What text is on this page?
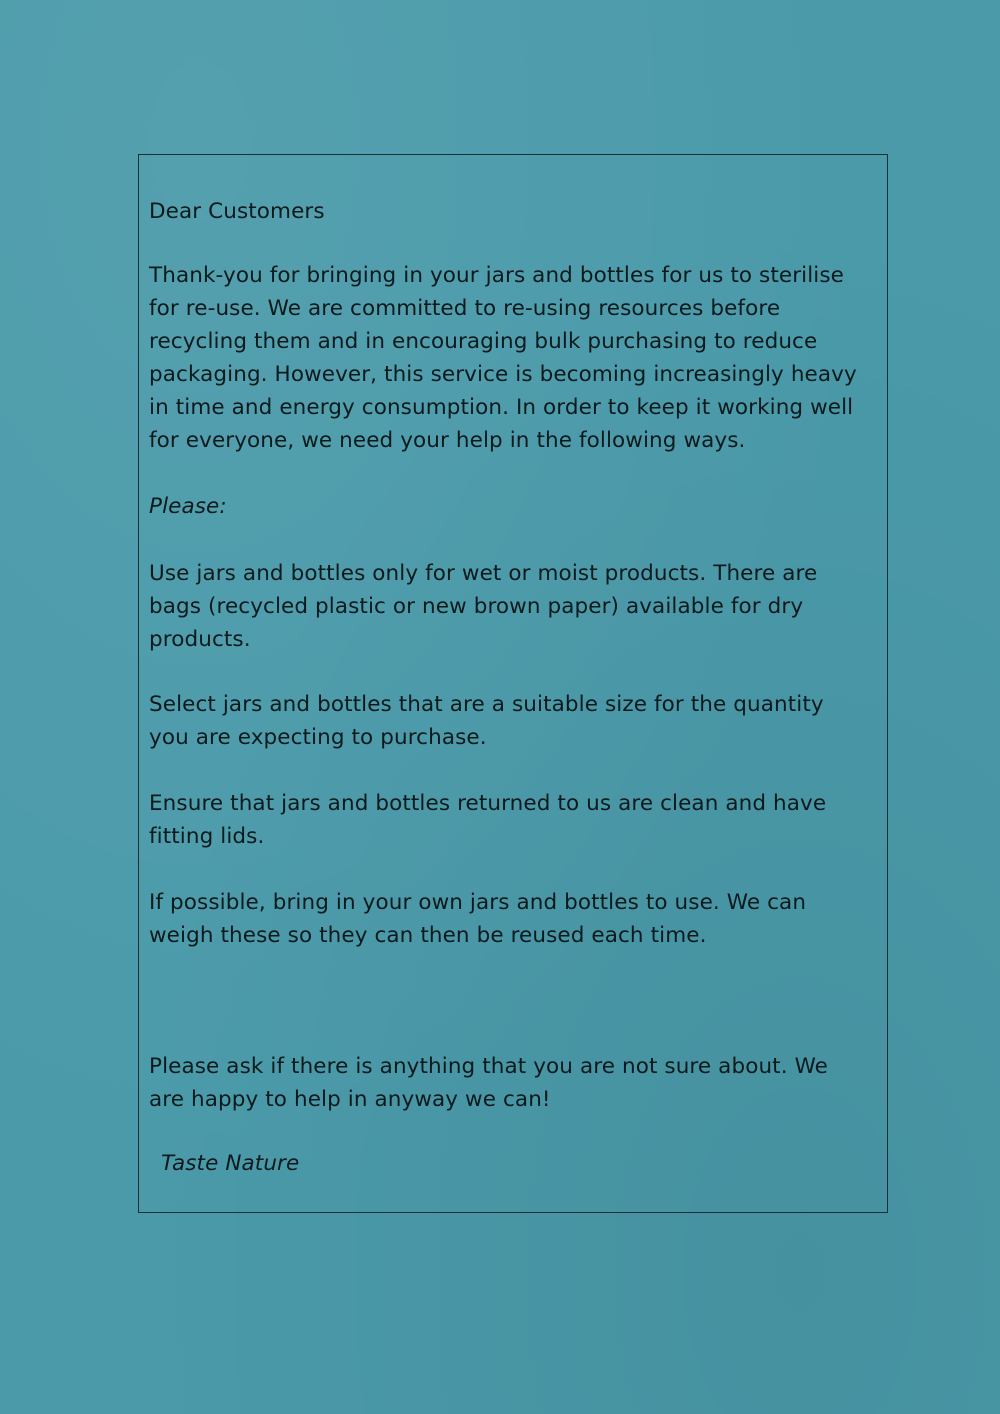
Dear Customers
Thank-you for bringing in your jars and bottles for us to sterilise
for re-use. We are committed to re-using resources before
recycling them and in encouraging bulk purchasing to reduce
packaging. However, this service is becoming increasingly heavy
in time and energy consumption. In order to keep it working well
for everyone, we need your help in the following ways.
Please:
Use jars and bottles only for wet or moist products. There are
bags (recycled plastic or new brown paper) available for dry
products.
Select jars and bottles that are a suitable size for the quantity
you are expecting to purchase.
Ensure that jars and bottles returned to us are clean and have
fitting lids.
If possible, bring in your own jars and bottles to use. We can
weigh these so they can then be reused each time.
Please ask if there is anything that you are not sure about. We
are happy to help in anyway we can!
Taste Nature
